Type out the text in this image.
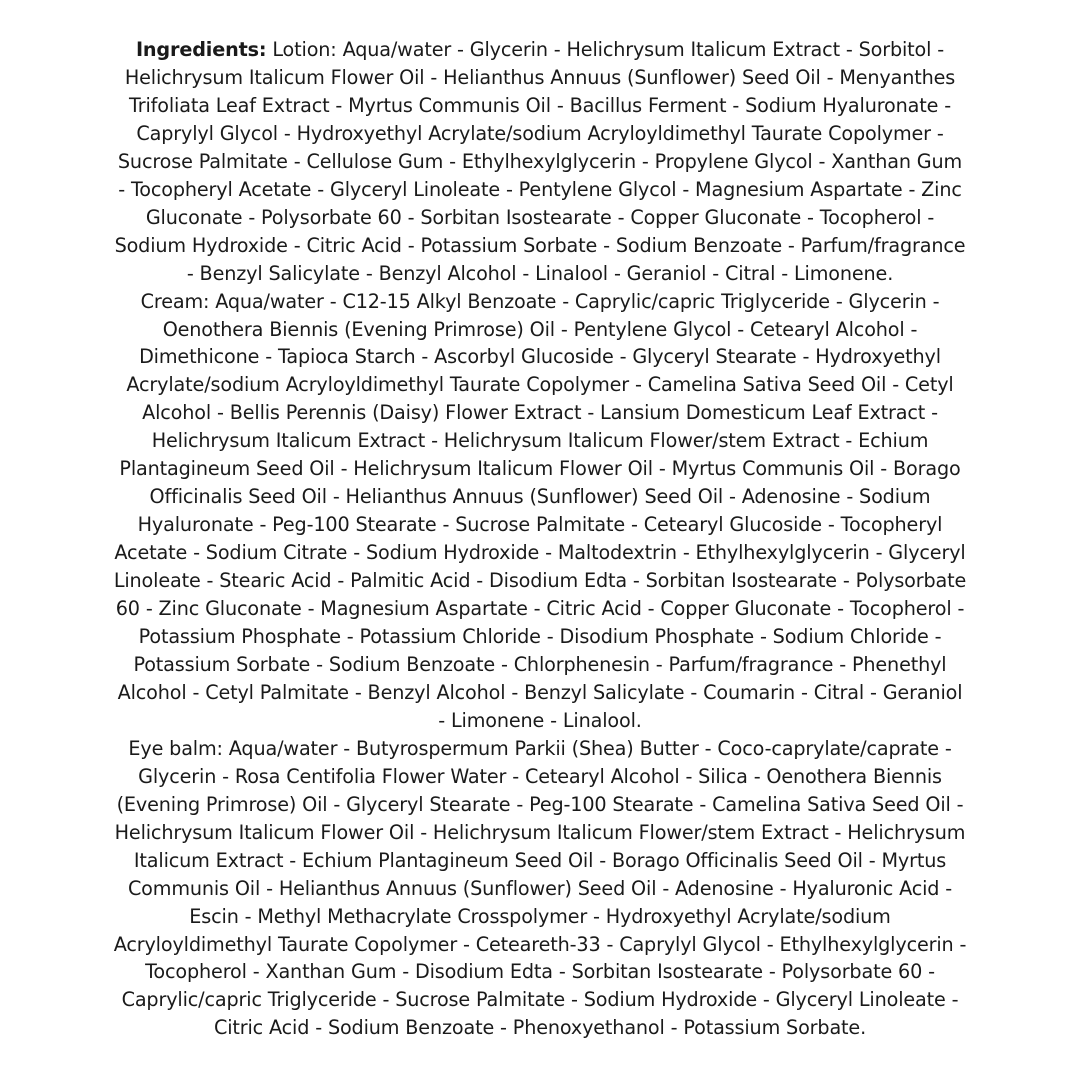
Ingredients: Lotion: Aqua/water - Glycerin - Helichrysum Italicum Extract - Sorbitol - Helichrysum Italicum Flower Oil - Helianthus Annuus (Sunflower) Seed Oil - Menyanthes Trifoliata Leaf Extract - Myrtus Communis Oil - Bacillus Ferment - Sodium Hyaluronate - Caprylyl Glycol - Hydroxyethyl Acrylate/sodium Acryloyldimethyl Taurate Copolymer - Sucrose Palmitate - Cellulose Gum - Ethylhexylglycerin - Propylene Glycol - Xanthan Gum - Tocopheryl Acetate - Glyceryl Linoleate - Pentylene Glycol - Magnesium Aspartate - Zinc Gluconate - Polysorbate 60 - Sorbitan Isostearate - Copper Gluconate - Tocopherol - Sodium Hydroxide - Citric Acid - Potassium Sorbate - Sodium Benzoate - Parfum/fragrance - Benzyl Salicylate - Benzyl Alcohol - Linalool - Geraniol - Citral - Limonene.

Cream: Aqua/water - C12-15 Alkyl Benzoate - Caprylic/capric Triglyceride - Glycerin - Oenothera Biennis (Evening Primrose) Oil - Pentylene Glycol - Cetearyl Alcohol - Dimethicone - Tapioca Starch - Ascorbyl Glucoside - Glyceryl Stearate - Hydroxyethyl Acrylate/sodium Acryloyldimethyl Taurate Copolymer - Camelina Sativa Seed Oil - Cetyl Alcohol - Bellis Perennis (Daisy) Flower Extract - Lansium Domesticum Leaf Extract - Helichrysum Italicum Extract - Helichrysum Italicum Flower/stem Extract - Echium Plantagineum Seed Oil - Helichrysum Italicum Flower Oil - Myrtus Communis Oil - Borago Officinalis Seed Oil - Helianthus Annuus (Sunflower) Seed Oil - Adenosine - Sodium Hyaluronate - Peg-100 Stearate - Sucrose Palmitate - Cetearyl Glucoside - Tocopheryl Acetate - Sodium Citrate - Sodium Hydroxide - Maltodextrin - Ethylhexylglycerin - Glyceryl Linoleate - Stearic Acid - Palmitic Acid - Disodium Edta - Sorbitan Isostearate - Polysorbate 60 - Zinc Gluconate - Magnesium Aspartate - Citric Acid - Copper Gluconate - Tocopherol - Potassium Phosphate - Potassium Chloride - Disodium Phosphate - Sodium Chloride - Potassium Sorbate - Sodium Benzoate - Chlorphenesin - Parfum/fragrance - Phenethyl Alcohol - Cetyl Palmitate - Benzyl Alcohol - Benzyl Salicylate - Coumarin - Citral - Geraniol - Limonene - Linalool.

Eye balm: Aqua/water - Butyrospermum Parkii (Shea) Butter - Coco-caprylate/caprate - Glycerin - Rosa Centifolia Flower Water - Cetearyl Alcohol - Silica - Oenothera Biennis (Evening Primrose) Oil - Glyceryl Stearate - Peg-100 Stearate - Camelina Sativa Seed Oil - Helichrysum Italicum Flower Oil - Helichrysum Italicum Flower/stem Extract - Helichrysum Italicum Extract - Echium Plantagineum Seed Oil - Borago Officinalis Seed Oil - Myrtus Communis Oil - Helianthus Annuus (Sunflower) Seed Oil - Adenosine - Hyaluronic Acid - Escin - Methyl Methacrylate Crosspolymer - Hydroxyethyl Acrylate/sodium Acryloyldimethyl Taurate Copolymer - Ceteareth-33 - Caprylyl Glycol - Ethylhexylglycerin - Tocopherol - Xanthan Gum - Disodium Edta - Sorbitan Isostearate - Polysorbate 60 - Caprylic/capric Triglyceride - Sucrose Palmitate - Sodium Hydroxide - Glyceryl Linoleate - Citric Acid - Sodium Benzoate - Phenoxyethanol - Potassium Sorbate.
